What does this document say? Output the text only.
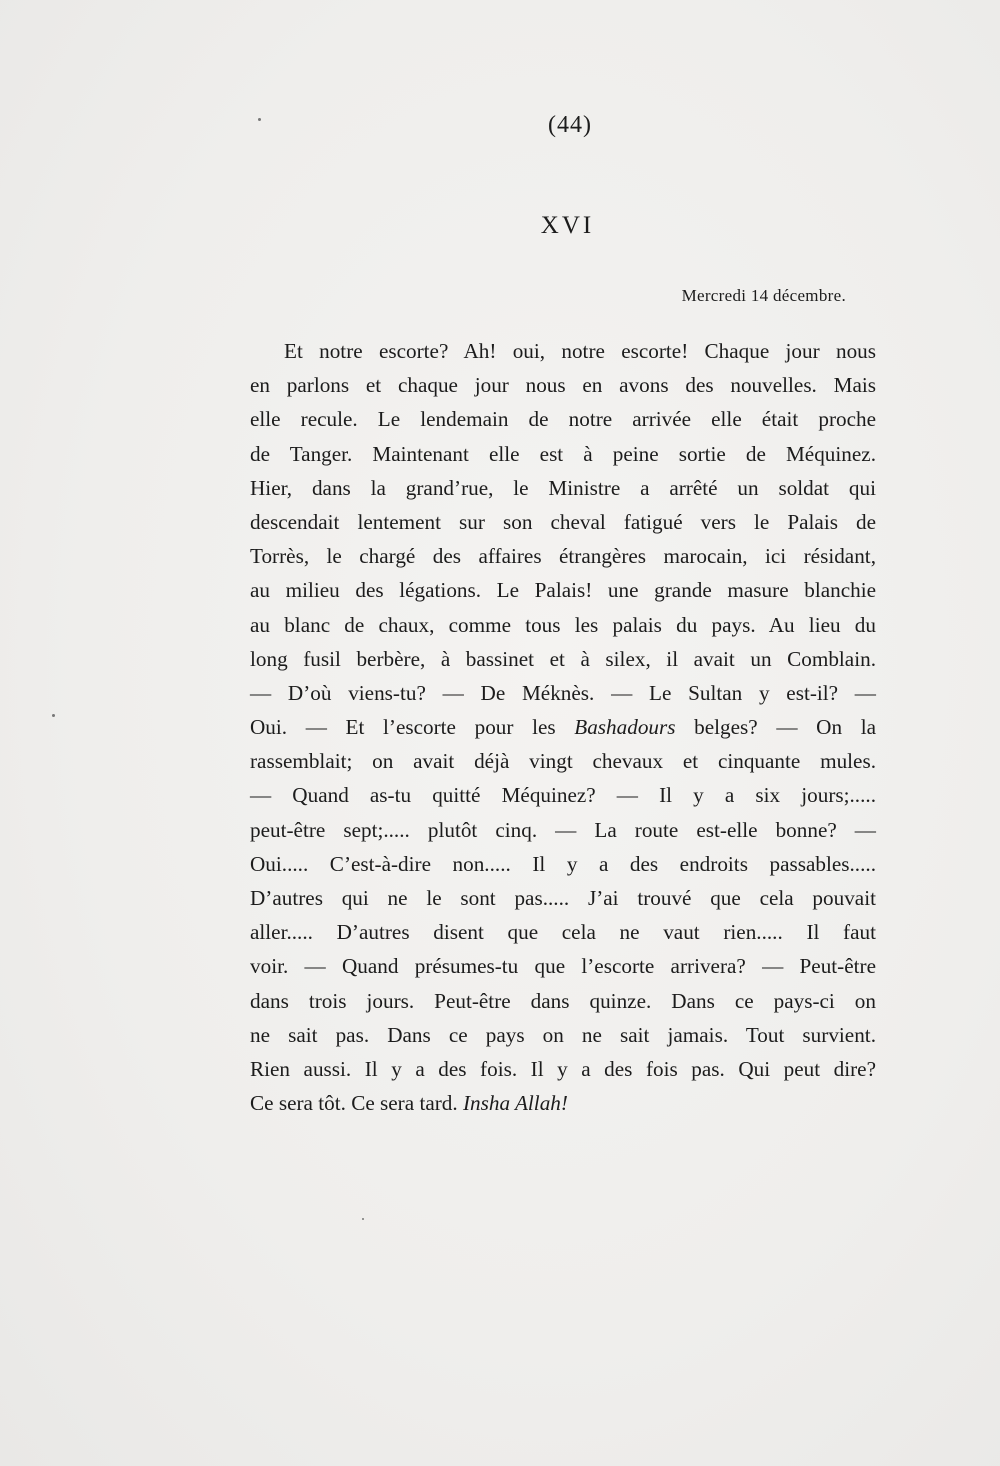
(44)
XVI
Mercredi 14 décembre.
Et notre escorte? Ah! oui, notre escorte! Chaque jour nous
en parlons et chaque jour nous en avons des nouvelles. Mais
elle recule. Le lendemain de notre arrivée elle était proche
de Tanger. Maintenant elle est à peine sortie de Méquinez.
Hier, dans la grand’rue, le Ministre a arrêté un soldat qui
descendait lentement sur son cheval fatigué vers le Palais de
Torrès, le chargé des affaires étrangères marocain, ici résidant,
au milieu des légations. Le Palais! une grande masure blanchie
au blanc de chaux, comme tous les palais du pays. Au lieu du
long fusil berbère, à bassinet et à silex, il avait un Comblain.
— D’où viens-tu? — De Méknès. — Le Sultan y est-il? —
Oui. — Et l’escorte pour les Bashadours belges? — On la
rassemblait; on avait déjà vingt chevaux et cinquante mules.
— Quand as-tu quitté Méquinez? — Il y a six jours;.....
peut-être sept;..... plutôt cinq. — La route est-elle bonne? —
Oui..... C’est-à-dire non..... Il y a des endroits passables.....
D’autres qui ne le sont pas..... J’ai trouvé que cela pouvait
aller..... D’autres disent que cela ne vaut rien..... Il faut
voir. — Quand présumes-tu que l’escorte arrivera? — Peut-être
dans trois jours. Peut-être dans quinze. Dans ce pays-ci on
ne sait pas. Dans ce pays on ne sait jamais. Tout survient.
Rien aussi. Il y a des fois. Il y a des fois pas. Qui peut dire?
Ce sera tôt. Ce sera tard. Insha Allah!
